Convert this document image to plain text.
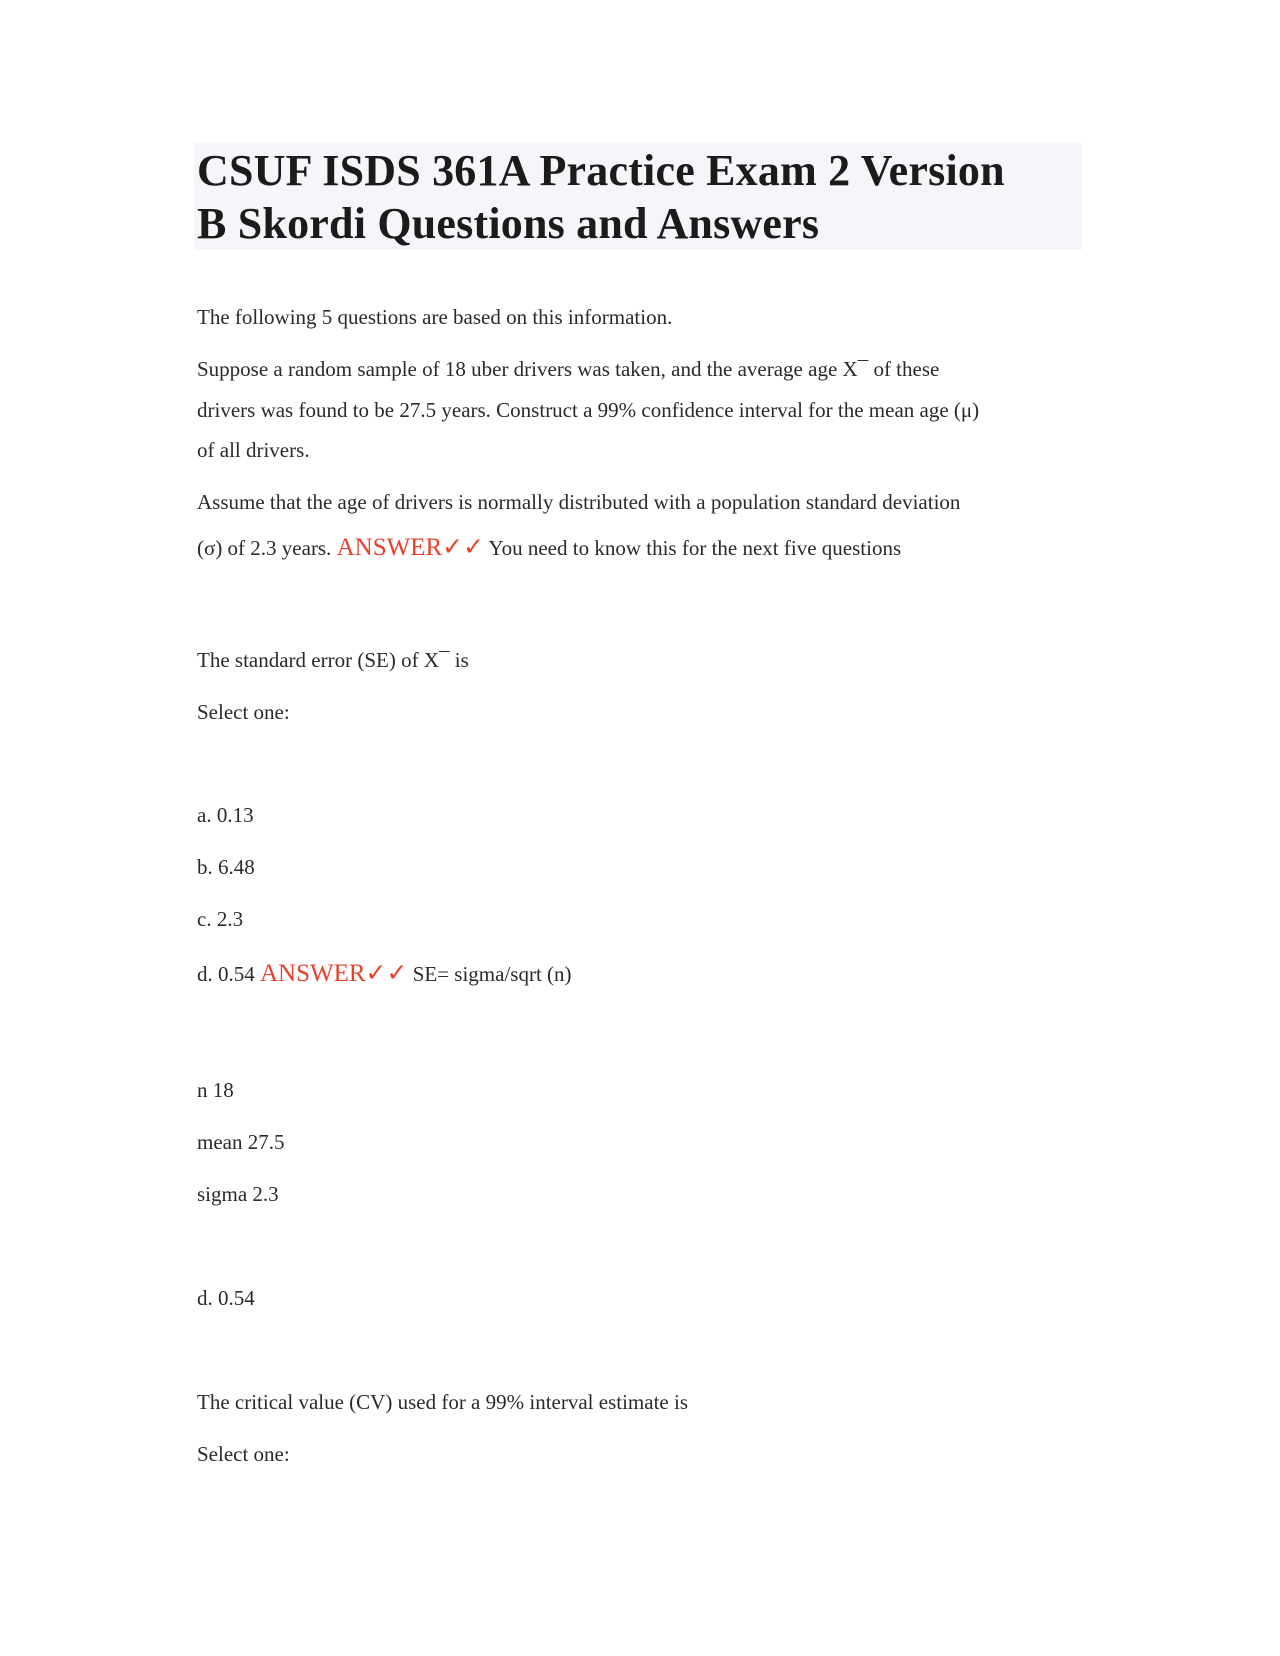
CSUF ISDS 361A Practice Exam 2 Version
B Skordi Questions and Answers

The following 5 questions are based on this information.

Suppose a random sample of 18 uber drivers was taken, and the average age X¯ of these

drivers was found to be 27.5 years. Construct a 99% confidence interval for the mean age (μ)

of all drivers.

Assume that the age of drivers is normally distributed with a population standard deviation

(σ) of 2.3 years. ANSWER✓✓ You need to know this for the next five questions

The standard error (SE) of X¯ is

Select one:

a. 0.13

b. 6.48

c. 2.3

d. 0.54 ANSWER✓✓ SE= sigma/sqrt (n)

n 18

mean 27.5

sigma 2.3

d. 0.54

The critical value (CV) used for a 99% interval estimate is

Select one:
